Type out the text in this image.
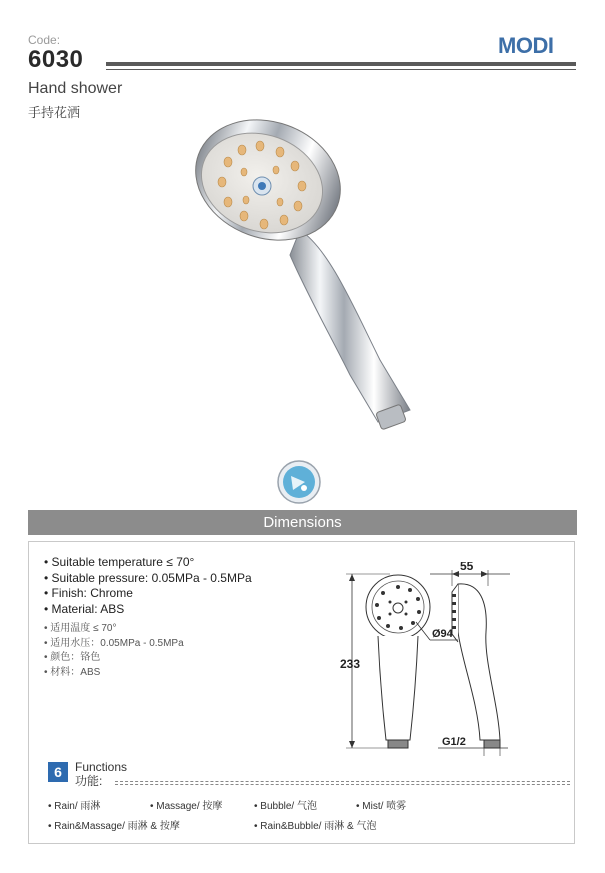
Code:
6030
MODI
Hand shower
手持花洒
Dimensions
• Suitable temperature ≤ 70°
• Suitable pressure: 0.05MPa - 0.5MPa
• Finish: Chrome
• Material: ABS
• 适用温度 ≤ 70°
• 适用水压：0.05MPa - 0.5MPa
• 颜色：铬色
• 材料：ABS
233
55
Ø94
G1/2
6	Functions
功能:
• Rain/ 雨淋	• Massage/ 按摩	• Bubble/ 气泡	• Mist/ 喷雾
• Rain&Massage/ 雨淋 & 按摩	• Rain&Bubble/ 雨淋 & 气泡
